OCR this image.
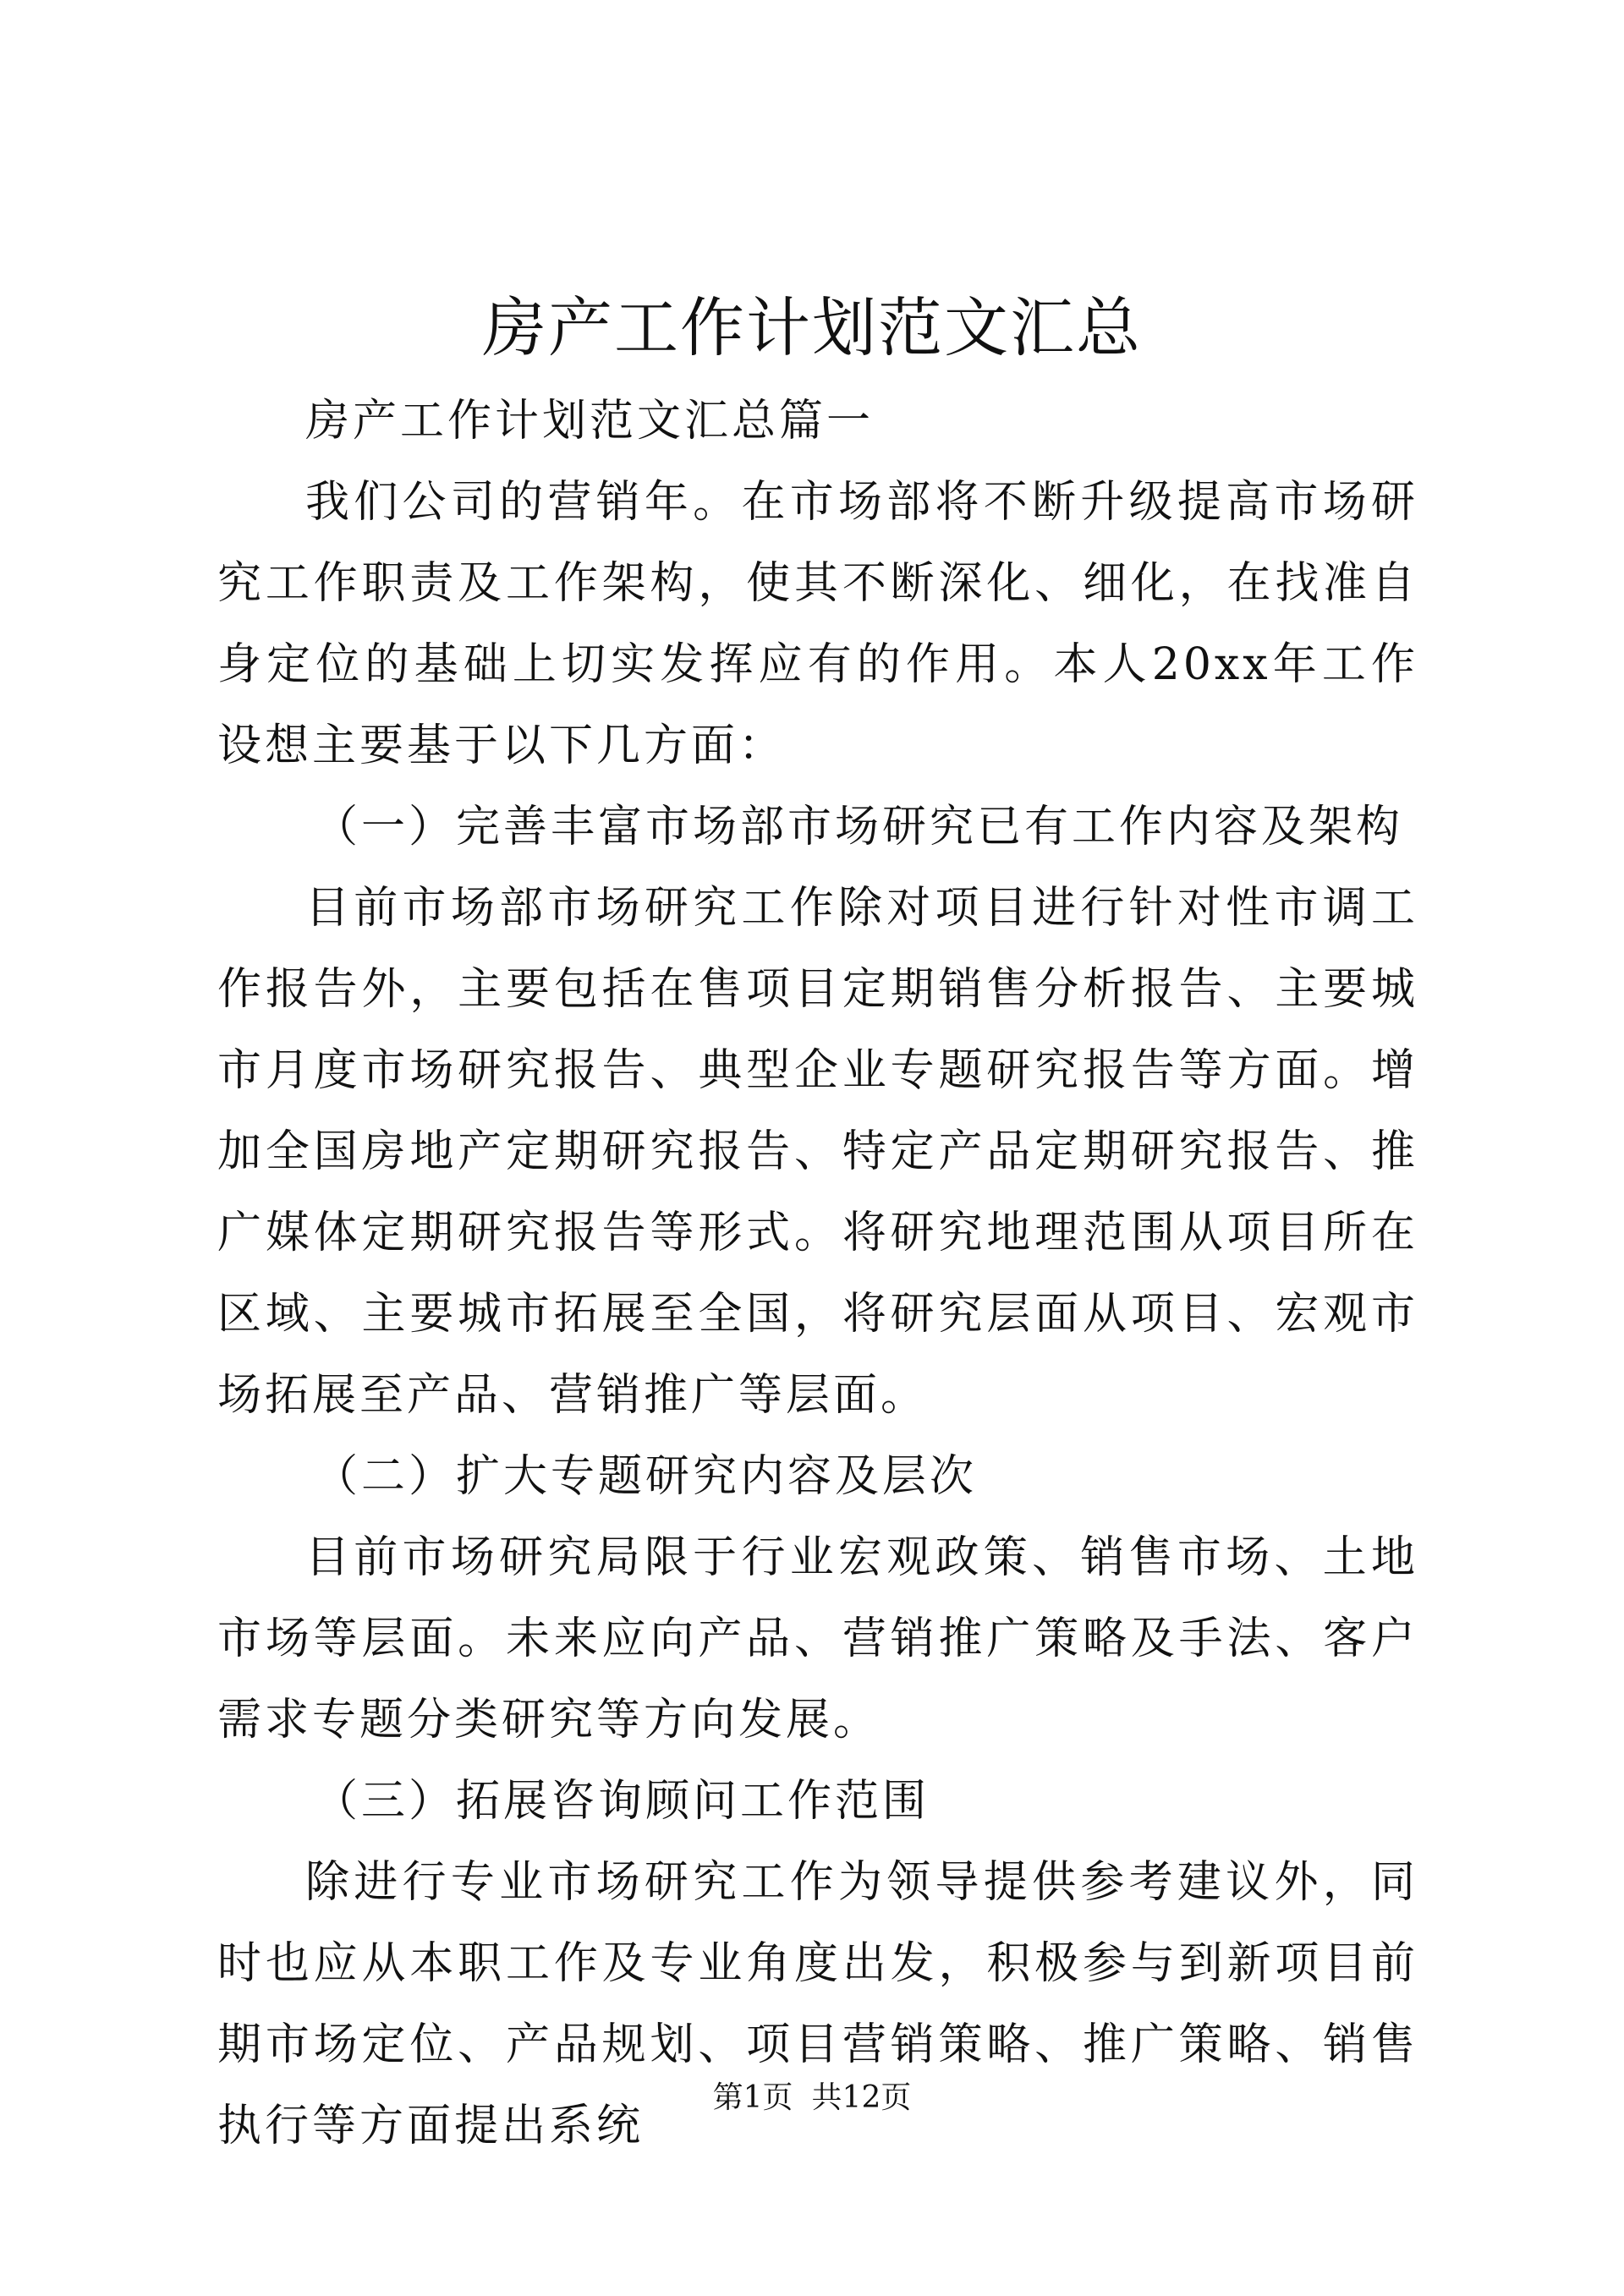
房产工作计划范文汇总

房产工作计划范文汇总篇一

我们公司的营销年。在市场部将不断升级提高市场研究工作职责及工作架构，使其不断深化、细化，在找准自身定位的基础上切实发挥应有的作用。本人20xx年工作设想主要基于以下几方面：

（一）完善丰富市场部市场研究已有工作内容及架构

目前市场部市场研究工作除对项目进行针对性市调工作报告外，主要包括在售项目定期销售分析报告、主要城市月度市场研究报告、典型企业专题研究报告等方面。增加全国房地产定期研究报告、特定产品定期研究报告、推广媒体定期研究报告等形式。将研究地理范围从项目所在区域、主要城市拓展至全国，将研究层面从项目、宏观市场拓展至产品、营销推广等层面。

（二）扩大专题研究内容及层次

目前市场研究局限于行业宏观政策、销售市场、土地市场等层面。未来应向产品、营销推广策略及手法、客户需求专题分类研究等方向发展。

（三）拓展咨询顾问工作范围

除进行专业市场研究工作为领导提供参考建议外，同时也应从本职工作及专业角度出发，积极参与到新项目前期市场定位、产品规划、项目营销策略、推广策略、销售执行等方面提出系统

第1页 共12页
